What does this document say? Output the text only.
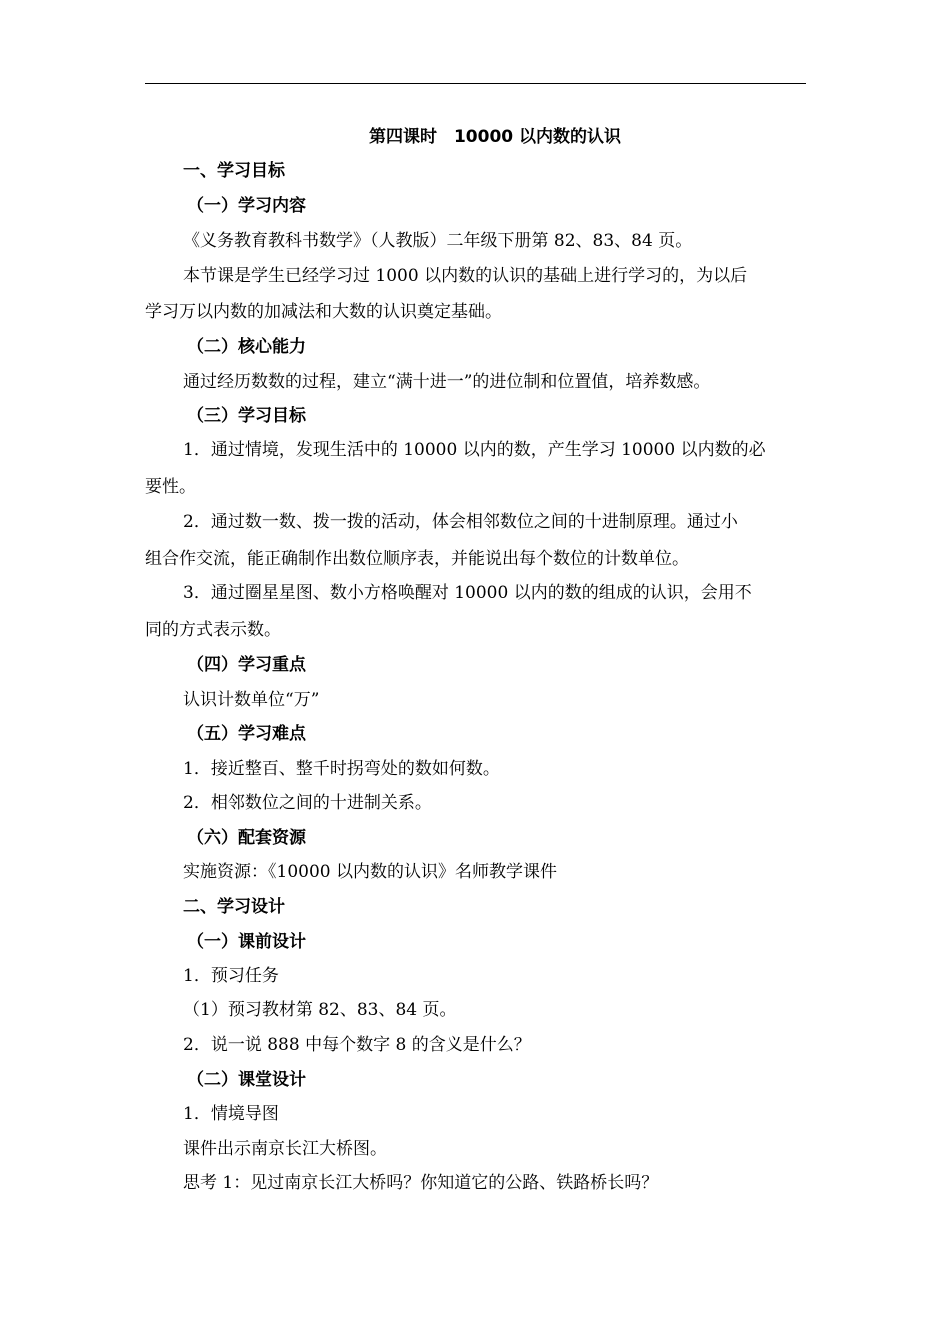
第四课时　10000 以内数的认识
一、学习目标
（一）学习内容
《义务教育教科书数学》（人教版）二年级下册第 82、83、84 页。
本节课是学生已经学习过 1000 以内数的认识的基础上进行学习的，为以后
学习万以内数的加减法和大数的认识奠定基础。
（二）核心能力
通过经历数数的过程，建立“满十进一”的进位制和位置值，培养数感。
（三）学习目标
1．通过情境，发现生活中的 10000 以内的数，产生学习 10000 以内数的必
要性。
2．通过数一数、拨一拨的活动，体会相邻数位之间的十进制原理。通过小
组合作交流，能正确制作出数位顺序表，并能说出每个数位的计数单位。
3．通过圈星星图、数小方格唤醒对 10000 以内的数的组成的认识，会用不
同的方式表示数。
（四）学习重点
认识计数单位“万”
（五）学习难点
1．接近整百、整千时拐弯处的数如何数。
2．相邻数位之间的十进制关系。
（六）配套资源
实施资源：《10000 以内数的认识》名师教学课件
二、学习设计
（一）课前设计
1．预习任务
（1）预习教材第 82、83、84 页。
2．说一说 888 中每个数字 8 的含义是什么？
（二）课堂设计
1．情境导图
课件出示南京长江大桥图。
思考 1：见过南京长江大桥吗？你知道它的公路、铁路桥长吗？
